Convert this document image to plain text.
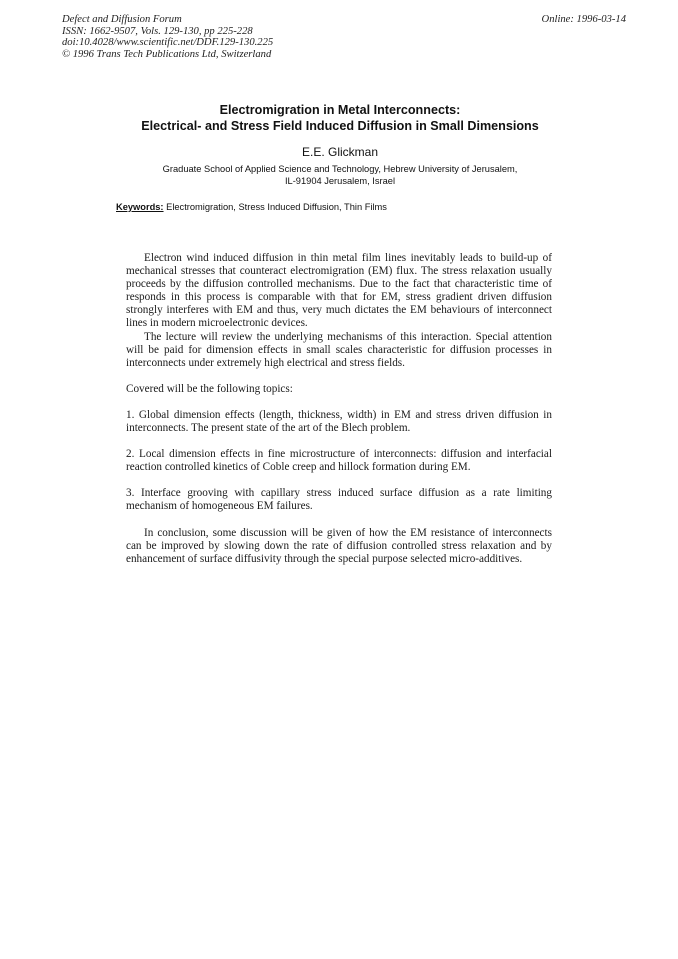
Defect and Diffusion Forum
ISSN: 1662-9507, Vols. 129-130, pp 225-228
doi:10.4028/www.scientific.net/DDF.129-130.225
© 1996 Trans Tech Publications Ltd, Switzerland
Online: 1996-03-14
Electromigration in Metal Interconnects:
Electrical- and Stress Field Induced Diffusion in Small Dimensions
E.E. Glickman
Graduate School of Applied Science and Technology, Hebrew University of Jerusalem,
IL-91904 Jerusalem, Israel
Keywords: Electromigration, Stress Induced Diffusion, Thin Films

Electron wind induced diffusion in thin metal film lines inevitably leads to build-up of mechanical stresses that counteract electromigration (EM) flux. The stress relaxation usually proceeds by the diffusion controlled mechanisms. Due to the fact that characteristic time of responds in this process is comparable with that for EM, stress gradient driven diffusion strongly interferes with EM and thus, very much dictates the EM behaviours of interconnect lines in modern microelectronic devices.

The lecture will review the underlying mechanisms of this interaction. Special attention will be paid for dimension effects in small scales characteristic for diffusion processes in interconnects under extremely high electrical and stress fields.

Covered will be the following topics:

1. Global dimension effects (length, thickness, width) in EM and stress driven diffusion in interconnects. The present state of the art of the Blech problem.

2. Local dimension effects in fine microstructure of interconnects: diffusion and interfacial reaction controlled kinetics of Coble creep and hillock formation during EM.

3. Interface grooving with capillary stress induced surface diffusion as a rate limiting mechanism of homogeneous EM failures.

In conclusion, some discussion will be given of how the EM resistance of interconnects can be improved by slowing down the rate of diffusion controlled stress relaxation and by enhancement of surface diffusivity through the special purpose selected micro-additives.
